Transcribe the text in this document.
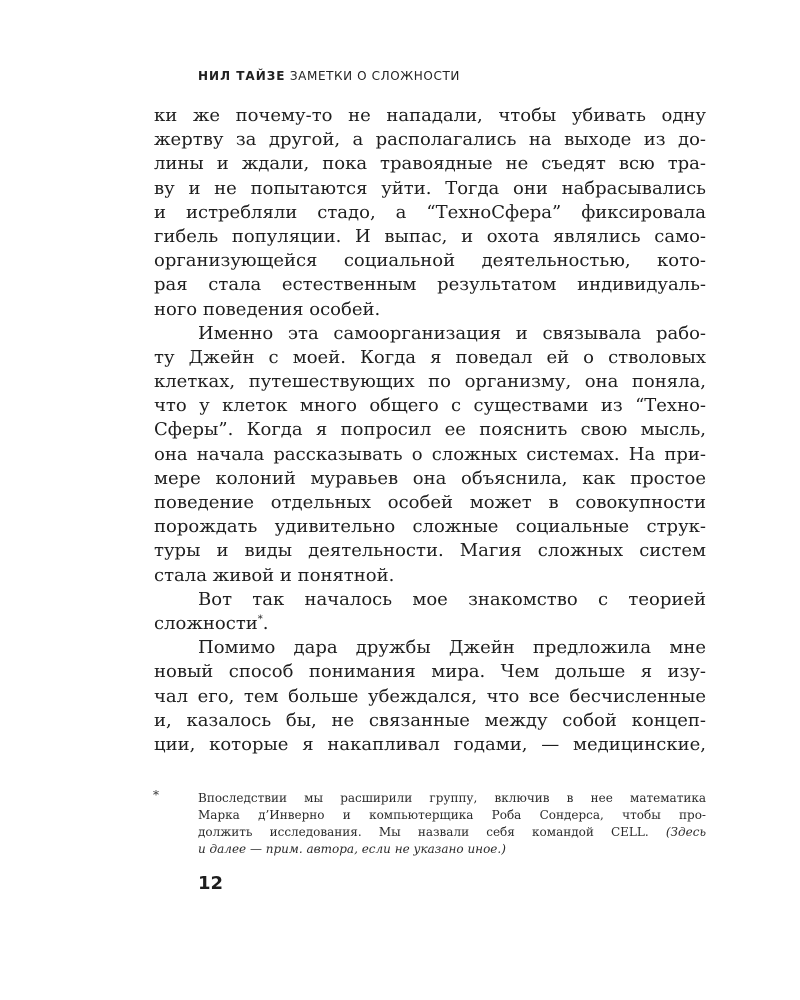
НИЛ ТАЙЗЕ ЗАМЕТКИ О СЛОЖНОСТИ
ки же почему-то не нападали, чтобы убивать одну
жертву за другой, а располагались на выходе из до-
лины и ждали, пока травоядные не съедят всю тра-
ву и не попытаются уйти. Тогда они набрасывались
и истребляли стадо, а “ТехноСфера” фиксировала
гибель популяции. И выпас, и охота являлись само-
организующейся социальной деятельностью, кото-
рая стала естественным результатом индивидуаль-
ного поведения особей.
Именно эта самоорганизация и связывала рабо-
ту Джейн с моей. Когда я поведал ей о стволовых
клетках, путешествующих по организму, она поняла,
что у клеток много общего с существами из “Техно-
Сферы”. Когда я попросил ее пояснить свою мысль,
она начала рассказывать о сложных системах. На при-
мере колоний муравьев она объяснила, как простое
поведение отдельных особей может в совокупности
порождать удивительно сложные социальные струк-
туры и виды деятельности. Магия сложных систем
стала живой и понятной.
Вот так началось мое знакомство с теорией
сложности*.
Помимо дара дружбы Джейн предложила мне
новый способ понимания мира. Чем дольше я изу-
чал его, тем больше убеждался, что все бесчисленные
и, казалось бы, не связанные между собой концеп-
ции, которые я накапливал годами, — медицинские,
*	Впоследствии мы расширили группу, включив в нее математика
Марка д’Инверно и компьютерщика Роба Сондерса, чтобы про-
должить исследования. Мы назвали себя командой CELL. (Здесь
и далее — прим. автора, если не указано иное.)
12
